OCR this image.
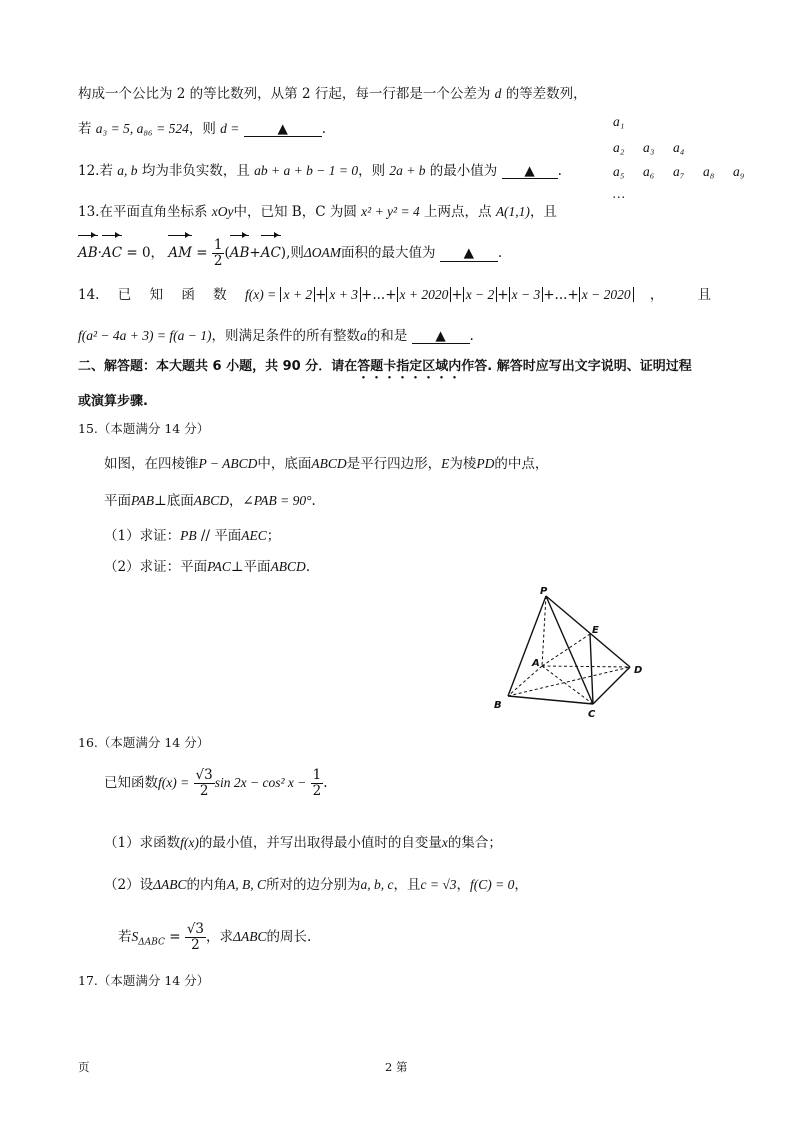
构成一个公比为 2 的等比数列，从第 2 行起，每一行都是一个公差为 d 的等差数列，
若 a₃ = 5, a₈₆ = 524，则 d =	▲	.	a₁
a₂ a₃ a₄
a₅ a₆ a₇ a₈ a₉
…
12.若 a, b 均为非负实数，且 ab + a + b − 1 = 0，则 2a + b 的最小值为 ▲ .
13.在平面直角坐标系 xOy中，已知 B，C 为圆 x² + y² = 4 上两点，点 A(1,1)，且
AB·AC = 0， AM = $\frac{1}{2} (AB+AC)$,则ΔOAM面积的最大值为 ▲ .
14. 已 知 函 数 f(x) = x + 2 + x + 3 +...+ x + 2020 + x − 2 + x − 3 +...+ x − 2020 ，	且
f(a² − 4a + 3) = f(a − 1)，则满足条件的所有整数a的和是 ▲ .
二、解答题：本大题共 6 小题，共 90 分．请在答题卡指定区域内作答. 解答时应写出文字说明、证明过程
或演算步骤.
15.（本题满分 14 分）
如图，在四棱锥P − ABCD中，底面ABCD是平行四边形，E为棱PD的中点，
平面PAB⊥底面ABCD，∠PAB = 90°.
（1）求证：PB // 平面AEC；
（2）求证：平面PAC⊥平面ABCD.
P
E
A
D
B
C
16.（本题满分 14 分）
已知函数$f(x) = \frac{√3}{2}$ sin 2x − cos² $x - \frac{1}{2}$ .
（1）求函数f(x)的最小值，并写出取得最小值时的自变量x的集合；
（2）设ΔABC的内角A, B, C所对的边分别为a, b, c，且c = √3，f(C) = 0，
若$S_{\Delta ABC} = \frac{√3}{2}$ ，求ΔABC的周长.
17.（本题满分 14 分）
页	2 第
